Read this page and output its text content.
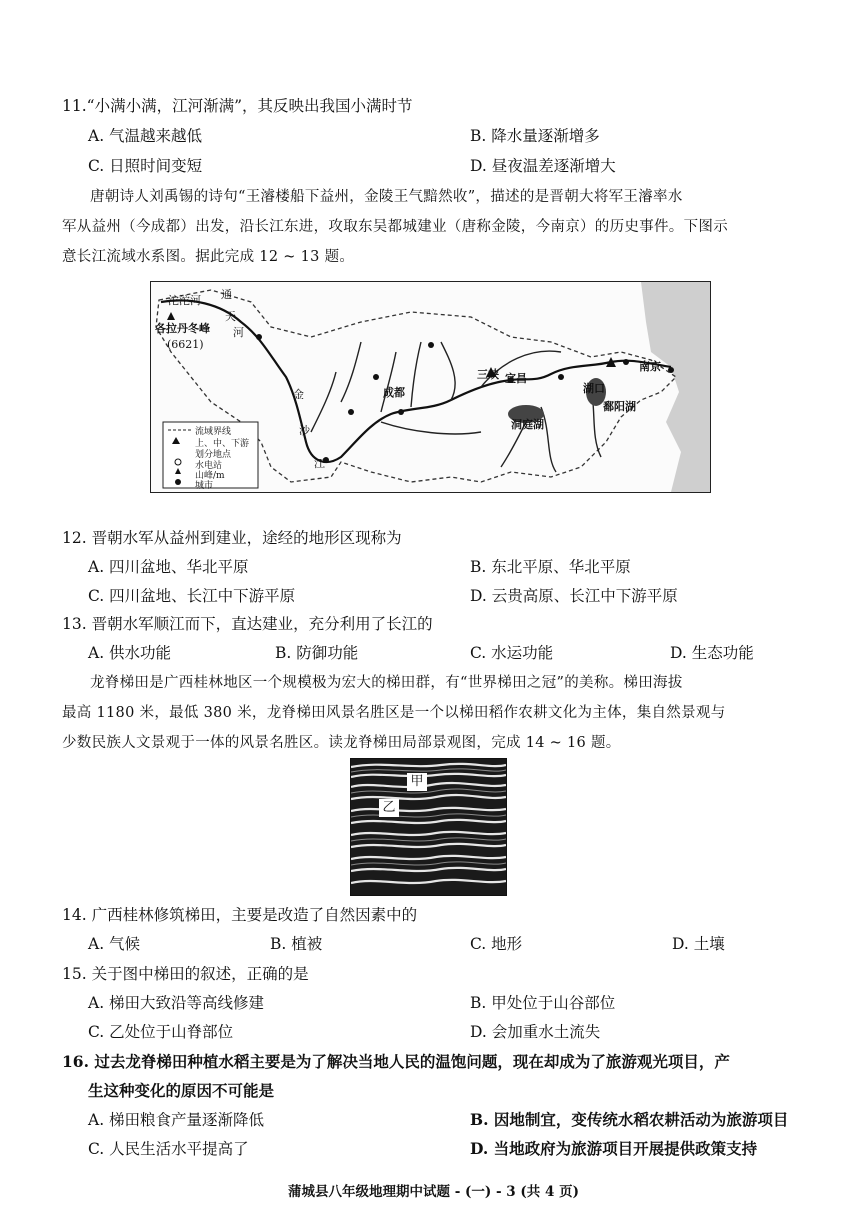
11.“小满小满，江河渐满”，其反映出我国小满时节
A. 气温越来越低	B. 降水量逐渐增多
C. 日照时间变短	D. 昼夜温差逐渐增大
唐朝诗人刘禹锡的诗句“王濬楼船下益州，金陵王气黯然收”，描述的是晋朝大将军王濬率水
军从益州（今成都）出发，沿长江东进，攻取东吴都城建业（唐称金陵，今南京）的历史事件。下图示
意长江流域水系图。据此完成 12 ~ 13 题。
沱沱河 通
天
河
各拉丹冬峰
(6621)
金
沙
江
成都
三峡 宜昌
湖口
南京
洞庭湖
鄱阳湖
流域界线
上、中、下游
划分地点
水电站
山峰/m
城市
12. 晋朝水军从益州到建业，途经的地形区现称为
A. 四川盆地、华北平原	B. 东北平原、华北平原
C. 四川盆地、长江中下游平原	D. 云贵高原、长江中下游平原
13. 晋朝水军顺江而下，直达建业，充分利用了长江的
A. 供水功能	B. 防御功能	C. 水运功能	D. 生态功能
龙脊梯田是广西桂林地区一个规模极为宏大的梯田群，有“世界梯田之冠”的美称。梯田海拔
最高 1180 米，最低 380 米，龙脊梯田风景名胜区是一个以梯田稻作农耕文化为主体，集自然景观与
少数民族人文景观于一体的风景名胜区。读龙脊梯田局部景观图，完成 14 ~ 16 题。
甲
乙
14. 广西桂林修筑梯田，主要是改造了自然因素中的
A. 气候	B. 植被	C. 地形	D. 土壤
15. 关于图中梯田的叙述，正确的是
A. 梯田大致沿等高线修建	B. 甲处位于山谷部位
C. 乙处位于山脊部位	D. 会加重水土流失
16. 过去龙脊梯田种植水稻主要是为了解决当地人民的温饱问题，现在却成为了旅游观光项目，产
生这种变化的原因不可能是
A. 梯田粮食产量逐渐降低	B. 因地制宜，变传统水稻农耕活动为旅游项目
C. 人民生活水平提高了	D. 当地政府为旅游项目开展提供政策支持
蒲城县八年级地理期中试题 - (一) - 3 (共 4 页)
